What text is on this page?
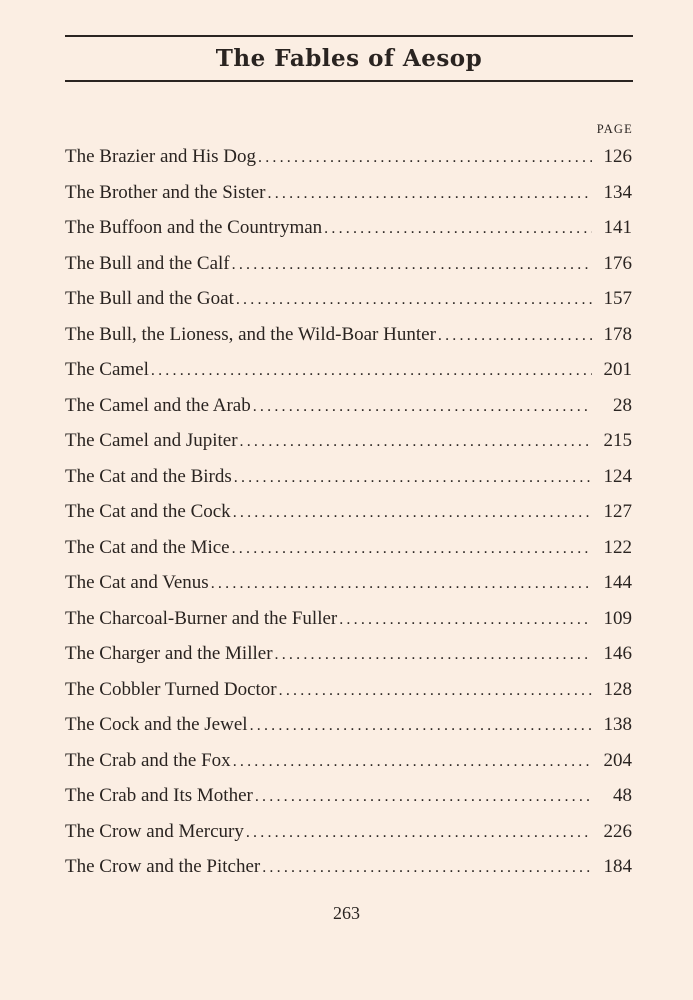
The Fables of Aesop
PAGE
The Brazier and His Dog .....	126
The Brother and the Sister .....	134
The Buffoon and the Countryman .....	141
The Bull and the Calf .....	176
The Bull and the Goat .....	157
The Bull, the Lioness, and the Wild-Boar Hunter .....	178
The Camel .....	201
The Camel and the Arab .....	28
The Camel and Jupiter .....	215
The Cat and the Birds .....	124
The Cat and the Cock .....	127
The Cat and the Mice .....	122
The Cat and Venus .....	144
The Charcoal-Burner and the Fuller .....	109
The Charger and the Miller .....	146
The Cobbler Turned Doctor .....	128
The Cock and the Jewel .....	138
The Crab and the Fox .....	204
The Crab and Its Mother .....	48
The Crow and Mercury .....	226
The Crow and the Pitcher .....	184
263
